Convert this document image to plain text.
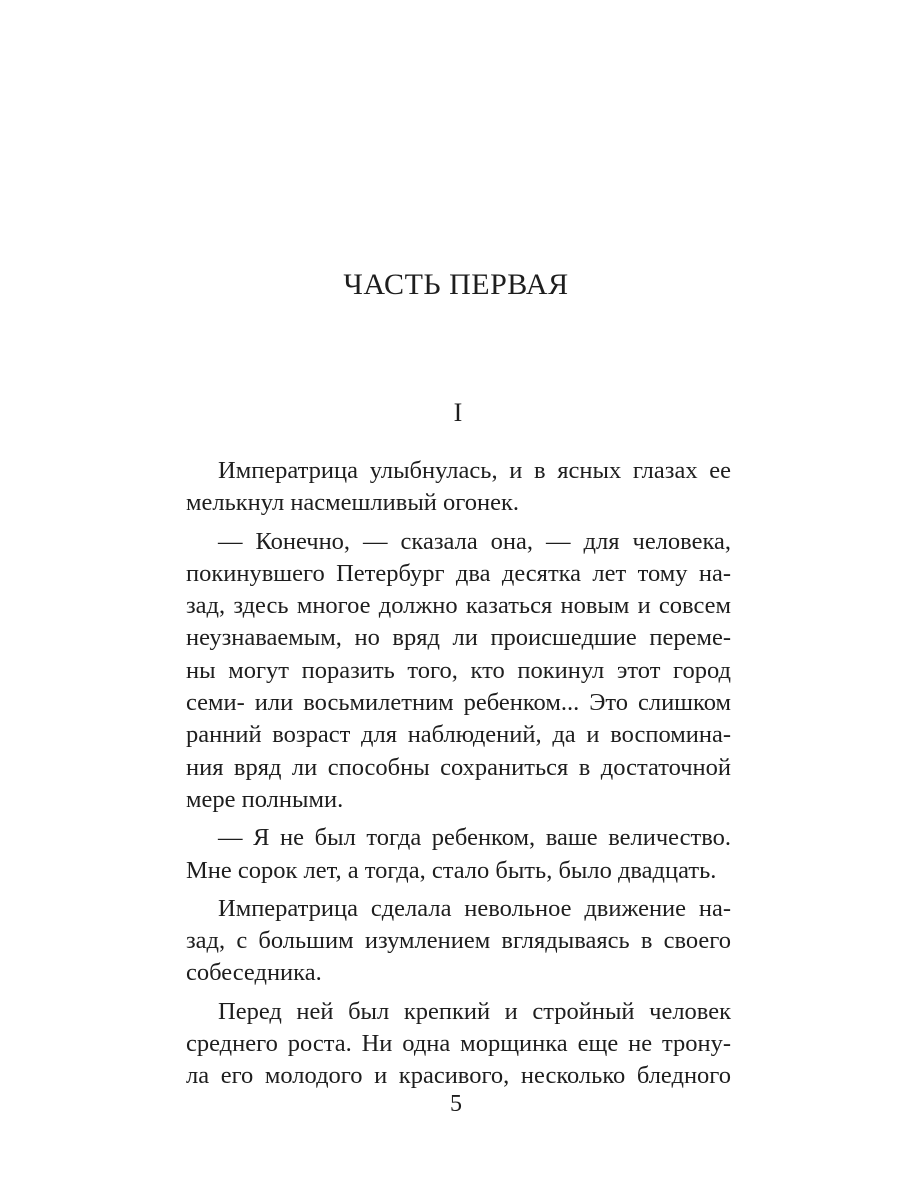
ЧАСТЬ ПЕРВАЯ
I
Императрица улыбнулась, и в ясных глазах ее
мелькнул насмешливый огонек.
— Конечно, — сказала она, — для человека,
покинувшего Петербург два десятка лет тому на-
зад, здесь многое должно казаться новым и совсем
неузнаваемым, но вряд ли происшедшие переме-
ны могут поразить того, кто покинул этот город
семи- или восьмилетним ребенком... Это слишком
ранний возраст для наблюдений, да и воспомина-
ния вряд ли способны сохраниться в достаточной
мере полными.
— Я не был тогда ребенком, ваше величество.
Мне сорок лет, а тогда, стало быть, было двадцать.
Императрица сделала невольное движение на-
зад, с большим изумлением вглядываясь в своего
собеседника.
Перед ней был крепкий и стройный человек
среднего роста. Ни одна морщинка еще не трону-
ла его молодого и красивого, несколько бледного

5
